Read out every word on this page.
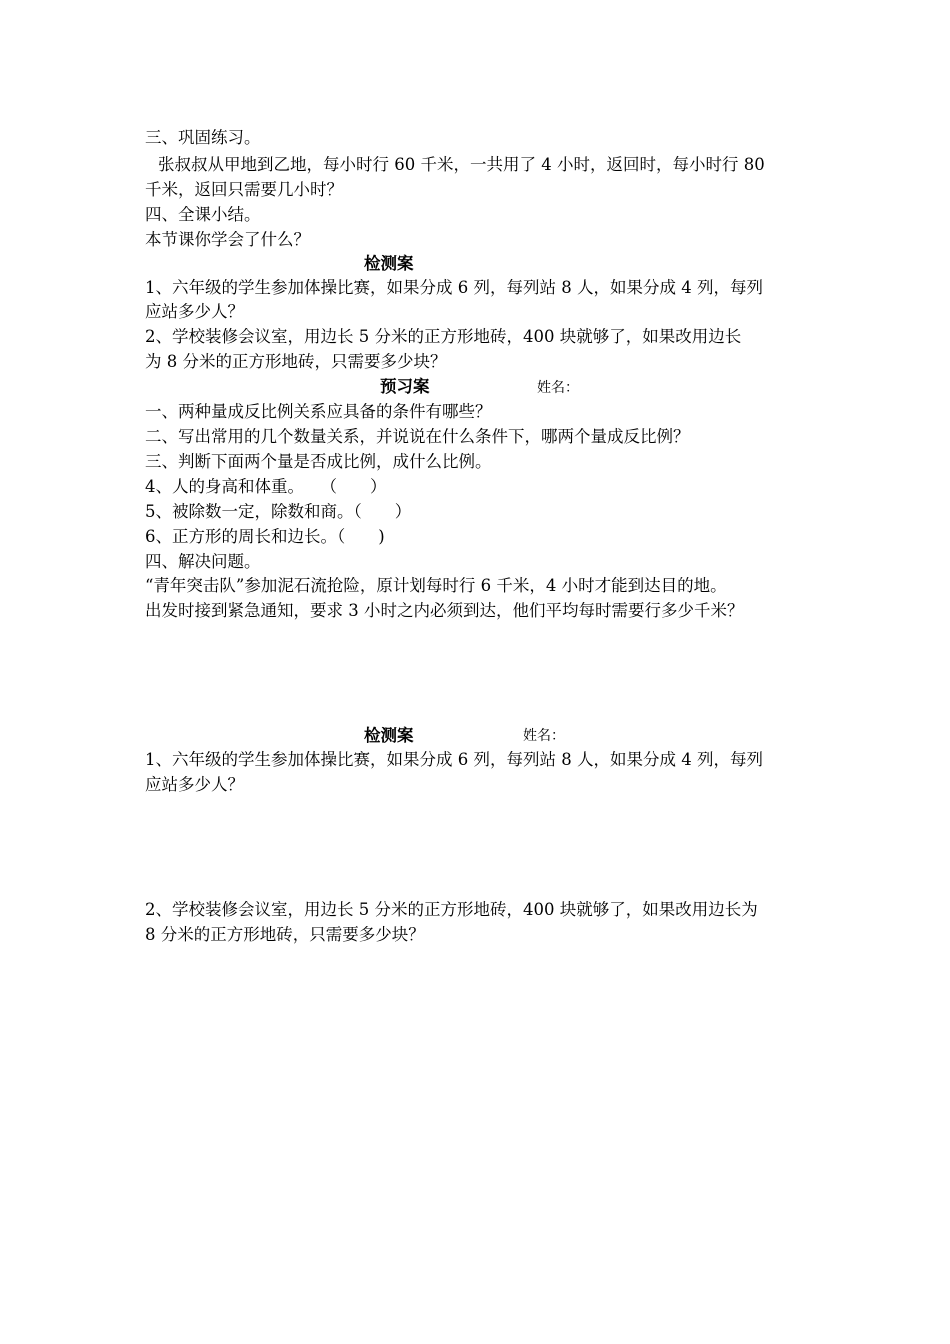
三、巩固练习。

张叔叔从甲地到乙地，每小时行 60 千米，一共用了 4 小时，返回时，每小时行 80

千米，返回只需要几小时？

四、全课小结。

本节课你学会了什么？

检测案

1、六年级的学生参加体操比赛，如果分成 6 列，每列站 8 人，如果分成 4 列，每列

应站多少人？

2、学校装修会议室，用边长 5 分米的正方形地砖，400 块就够了，如果改用边长

为 8 分米的正方形地砖，只需要多少块？

预习案	姓名：

一、两种量成反比例关系应具备的条件有哪些？

二、写出常用的几个数量关系，并说说在什么条件下，哪两个量成反比例？

三、判断下面两个量是否成比例，成什么比例。

4、人的身高和体重。　　（　　）

5、被除数一定，除数和商。（　　）

6、正方形的周长和边长。（　　)

四、解决问题。

“青年突击队”参加泥石流抢险，原计划每时行 6 千米，4 小时才能到达目的地。

出发时接到紧急通知，要求 3 小时之内必须到达，他们平均每时需要行多少千米？

检测案	姓名：

1、六年级的学生参加体操比赛，如果分成 6 列，每列站 8 人，如果分成 4 列，每列

应站多少人？

2、学校装修会议室，用边长 5 分米的正方形地砖，400 块就够了，如果改用边长为

8 分米的正方形地砖，只需要多少块？
